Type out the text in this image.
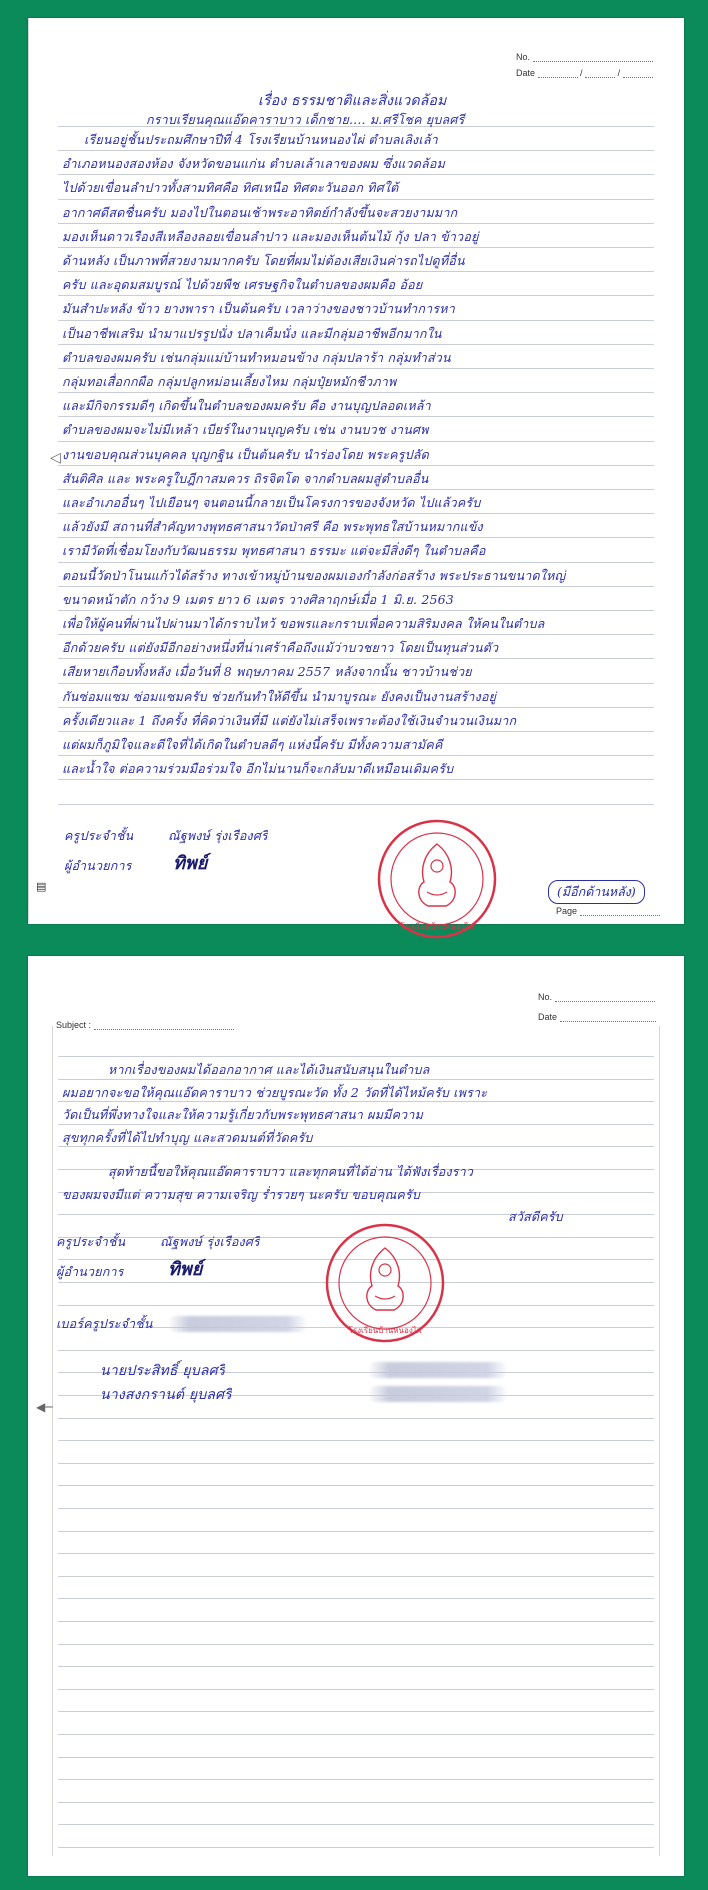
No.
Date	/	/
เรื่อง ธรรมชาติและสิ่งแวดล้อม
กราบเรียนคุณแอ๊ดคาราบาว เด็กชาย.... ม.ศรีโชค ยุบลศรี
เรียนอยู่ชั้นประถมศึกษาปีที่ 4 โรงเรียนบ้านหนองไผ่ ตำบลเลิงเล้า
อำเภอหนองสองห้อง จังหวัดขอนแก่น ตำบลเล้าเลาของผม ซึ่งแวดล้อม
ไปด้วยเขื่อนลำปาวทั้งสามทิศคือ ทิศเหนือ ทิศตะวันออก ทิศใต้
อากาศดีสดชื่นครับ มองไปในตอนเช้าพระอาทิตย์กำลังขึ้นจะสวยงามมาก
มองเห็นดาวเรืองสีเหลืองลอยเขื่อนลำปาว และมองเห็นต้นไม้ กุ้ง ปลา ข้าวอยู่
ด้านหลัง เป็นภาพที่สวยงามมากครับ โดยที่ผมไม่ต้องเสียเงินค่ารถไปดูที่อื่น
ครับ และอุดมสมบูรณ์ ไปด้วยพืช เศรษฐกิจในตำบลของผมคือ อ้อย
มันสำปะหลัง ข้าว ยางพารา เป็นต้นครับ เวลาว่างของชาวบ้านทำการหา
เป็นอาชีพเสริม นำมาแปรรูปนั่ง ปลาเค็มนั่ง และมีกลุ่มอาชีพอีกมากใน
ตำบลของผมครับ เช่นกลุ่มแม่บ้านทำหมอนข้าง กลุ่มปลาร้า กลุ่มทำส่วน
กลุ่มทอเสื่อกกผือ กลุ่มปลูกหม่อนเลี้ยงไหม กลุ่มปุ๋ยหมักชีวภาพ
และมีกิจกรรมดีๆ เกิดขึ้นในตำบลของผมครับ คือ งานบุญปลอดเหล้า
ตำบลของผมจะไม่มีเหล้า เบียร์ในงานบุญครับ เช่น งานบวช งานศพ
งานขอบคุณส่วนบุคคล บุญกฐิน เป็นต้นครับ นำร่องโดย พระครูปลัด
สันติศิล และ พระครูใบฎีกาสมควร ถิรจิตโต จากตำบลผมสู่ตำบลอื่น
และอำเภออื่นๆ ไปเยือนๆ จนตอนนี้กลายเป็นโครงการของจังหวัด ไปแล้วครับ
แล้วยังมี สถานที่สำคัญทางพุทธศาสนาวัดป่าศรี คือ พระพุทธใสบ้านหมากแข้ง
เรามีวัดที่เชื่อมโยงกับวัฒนธรรม พุทธศาสนา ธรรมะ แต่จะมีสิ่งดีๆ ในตำบลคือ
ตอนนี้วัดป่าโนนแก้วได้สร้าง ทางเข้าหมู่บ้านของผมเองกำลังก่อสร้าง พระประธานขนาดใหญ่
ขนาดหน้าตัก กว้าง 9 เมตร ยาว 6 เมตร วางศิลาฤกษ์เมื่อ 1 มิ.ย. 2563
เพื่อให้ผู้คนที่ผ่านไปผ่านมาได้กราบไหว้ ขอพรและกราบเพื่อความสิริมงคล ให้คนในตำบล
อีกด้วยครับ แต่ยังมีอีกอย่างหนึ่งที่น่าเศร้าคือถึงแม้ว่าบวชยาว โดยเป็นทุนส่วนตัว
เสียหายเกือบทั้งหลัง เมื่อวันที่ 8 พฤษภาคม 2557 หลังจากนั้น ชาวบ้านช่วย
กันซ่อมแซม ซ่อมแซมครับ ช่วยกันทำให้ดีขึ้น นำมาบูรณะ ยังคงเป็นงานสร้างอยู่
ครั้งเดียวและ 1 ถึงครั้ง ที่คิดว่าเงินที่มี แต่ยังไม่เสร็จเพราะต้องใช้เงินจำนวนเงินมาก
แต่ผมก็ภูมิใจและดีใจที่ได้เกิดในตำบลดีๆ แห่งนี้ครับ มีทั้งความสามัคคี
และน้ำใจ ต่อความร่วมมือร่วมใจ อีกไม่นานก็จะกลับมาดีเหมือนเดิมครับ
◁
ครูประจำชั้น	ณัฐพงษ์ รุ่งเรืองศรี
ผู้อำนวยการ ทิพย์
โรงเรียนบ้านหนองไผ่
(มีอีกด้านหลัง)
▤
Page
No.
Date
Subject :
หากเรื่องของผมได้ออกอากาศ และได้เงินสนับสนุนในตำบล
ผมอยากจะขอให้คุณแอ๊ดคาราบาว ช่วยบูรณะวัด ทั้ง 2 วัดที่ได้ไหม้ครับ เพราะ
วัดเป็นที่พึ่งทางใจและให้ความรู้เกี่ยวกับพระพุทธศาสนา ผมมีความ
สุขทุกครั้งที่ได้ไปทำบุญ และสวดมนต์ที่วัดครับ
สุดท้ายนี้ขอให้คุณแอ๊ดคาราบาว และทุกคนที่ได้อ่าน ได้ฟังเรื่องราว
ของผมจงมีแต่ ความสุข ความเจริญ ร่ำรวยๆ นะครับ ขอบคุณครับ
สวัสดีครับ
ครูประจำชั้น	ณัฐพงษ์ รุ่งเรืองศรี
ผู้อำนวยการ ทิพย์
โรงเรียนบ้านหนองไผ่
เบอร์ครูประจำชั้น
นายประสิทธิ์ ยุบลศรี
นางสงกรานต์ ยุบลศรี
◀─
